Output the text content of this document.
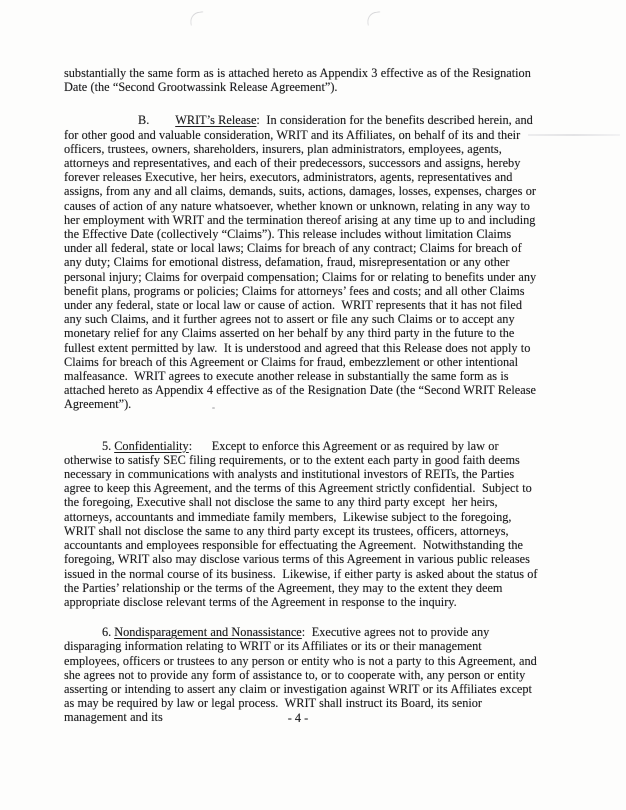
substantially the same form as is attached hereto as Appendix 3 effective as of the Resignation Date (the “Second Grootwassink Release Agreement”).

B. WRIT’s Release:  In consideration for the benefits described herein, and for other good and valuable consideration, WRIT and its Affiliates, on behalf of its and their officers, trustees, owners, shareholders, insurers, plan administrators, employees, agents, attorneys and representatives, and each of their predecessors, successors and assigns, hereby forever releases Executive, her heirs, executors, administrators, agents, representatives and assigns, from any and all claims, demands, suits, actions, damages, losses, expenses, charges or causes of action of any nature whatsoever, whether known or unknown, relating in any way to her employment with WRIT and the termination thereof arising at any time up to and including the Effective Date (collectively “Claims”). This release includes without limitation Claims under all federal, state or local laws; Claims for breach of any contract; Claims for breach of any duty; Claims for emotional distress, defamation, fraud, misrepresentation or any other personal injury; Claims for overpaid compensation; Claims for or relating to benefits under any benefit plans, programs or policies; Claims for attorneys’ fees and costs; and all other Claims under any federal, state or local law or cause of action.  WRIT represents that it has not filed any such Claims, and it further agrees not to assert or file any such Claims or to accept any monetary relief for any Claims asserted on her behalf by any third party in the future to the fullest extent permitted by law.  It is understood and agreed that this Release does not apply to Claims for breach of this Agreement or Claims for fraud, embezzlement or other intentional malfeasance.  WRIT agrees to execute another release in substantially the same form as is attached hereto as Appendix 4 effective as of the Resignation Date (the “Second WRIT Release Agreement”).

5. Confidentiality:      Except to enforce this Agreement or as required by law or otherwise to satisfy SEC filing requirements, or to the extent each party in good faith deems necessary in communications with analysts and institutional investors of REITs, the Parties agree to keep this Agreement, and the terms of this Agreement strictly confidential.  Subject to the foregoing, Executive shall not disclose the same to any third party except  her heirs, attorneys, accountants and immediate family members,  Likewise subject to the foregoing, WRIT shall not disclose the same to any third party except its trustees, officers, attorneys, accountants and employees responsible for effectuating the Agreement.  Notwithstanding the foregoing, WRIT also may disclose various terms of this Agreement in various public releases issued in the normal course of its business.  Likewise, if either party is asked about the status of the Parties’ relationship or the terms of the Agreement, they may to the extent they deem appropriate disclose relevant terms of the Agreement in response to the inquiry.

6. Nondisparagement and Nonassistance:  Executive agrees not to provide any disparaging information relating to WRIT or its Affiliates or its or their management employees, officers or trustees to any person or entity who is not a party to this Agreement, and she agrees not to provide any form of assistance to, or to cooperate with, any person or entity asserting or intending to assert any claim or investigation against WRIT or its Affiliates except as may be required by law or legal process.  WRIT shall instruct its Board, its senior management and its	- 4 -
